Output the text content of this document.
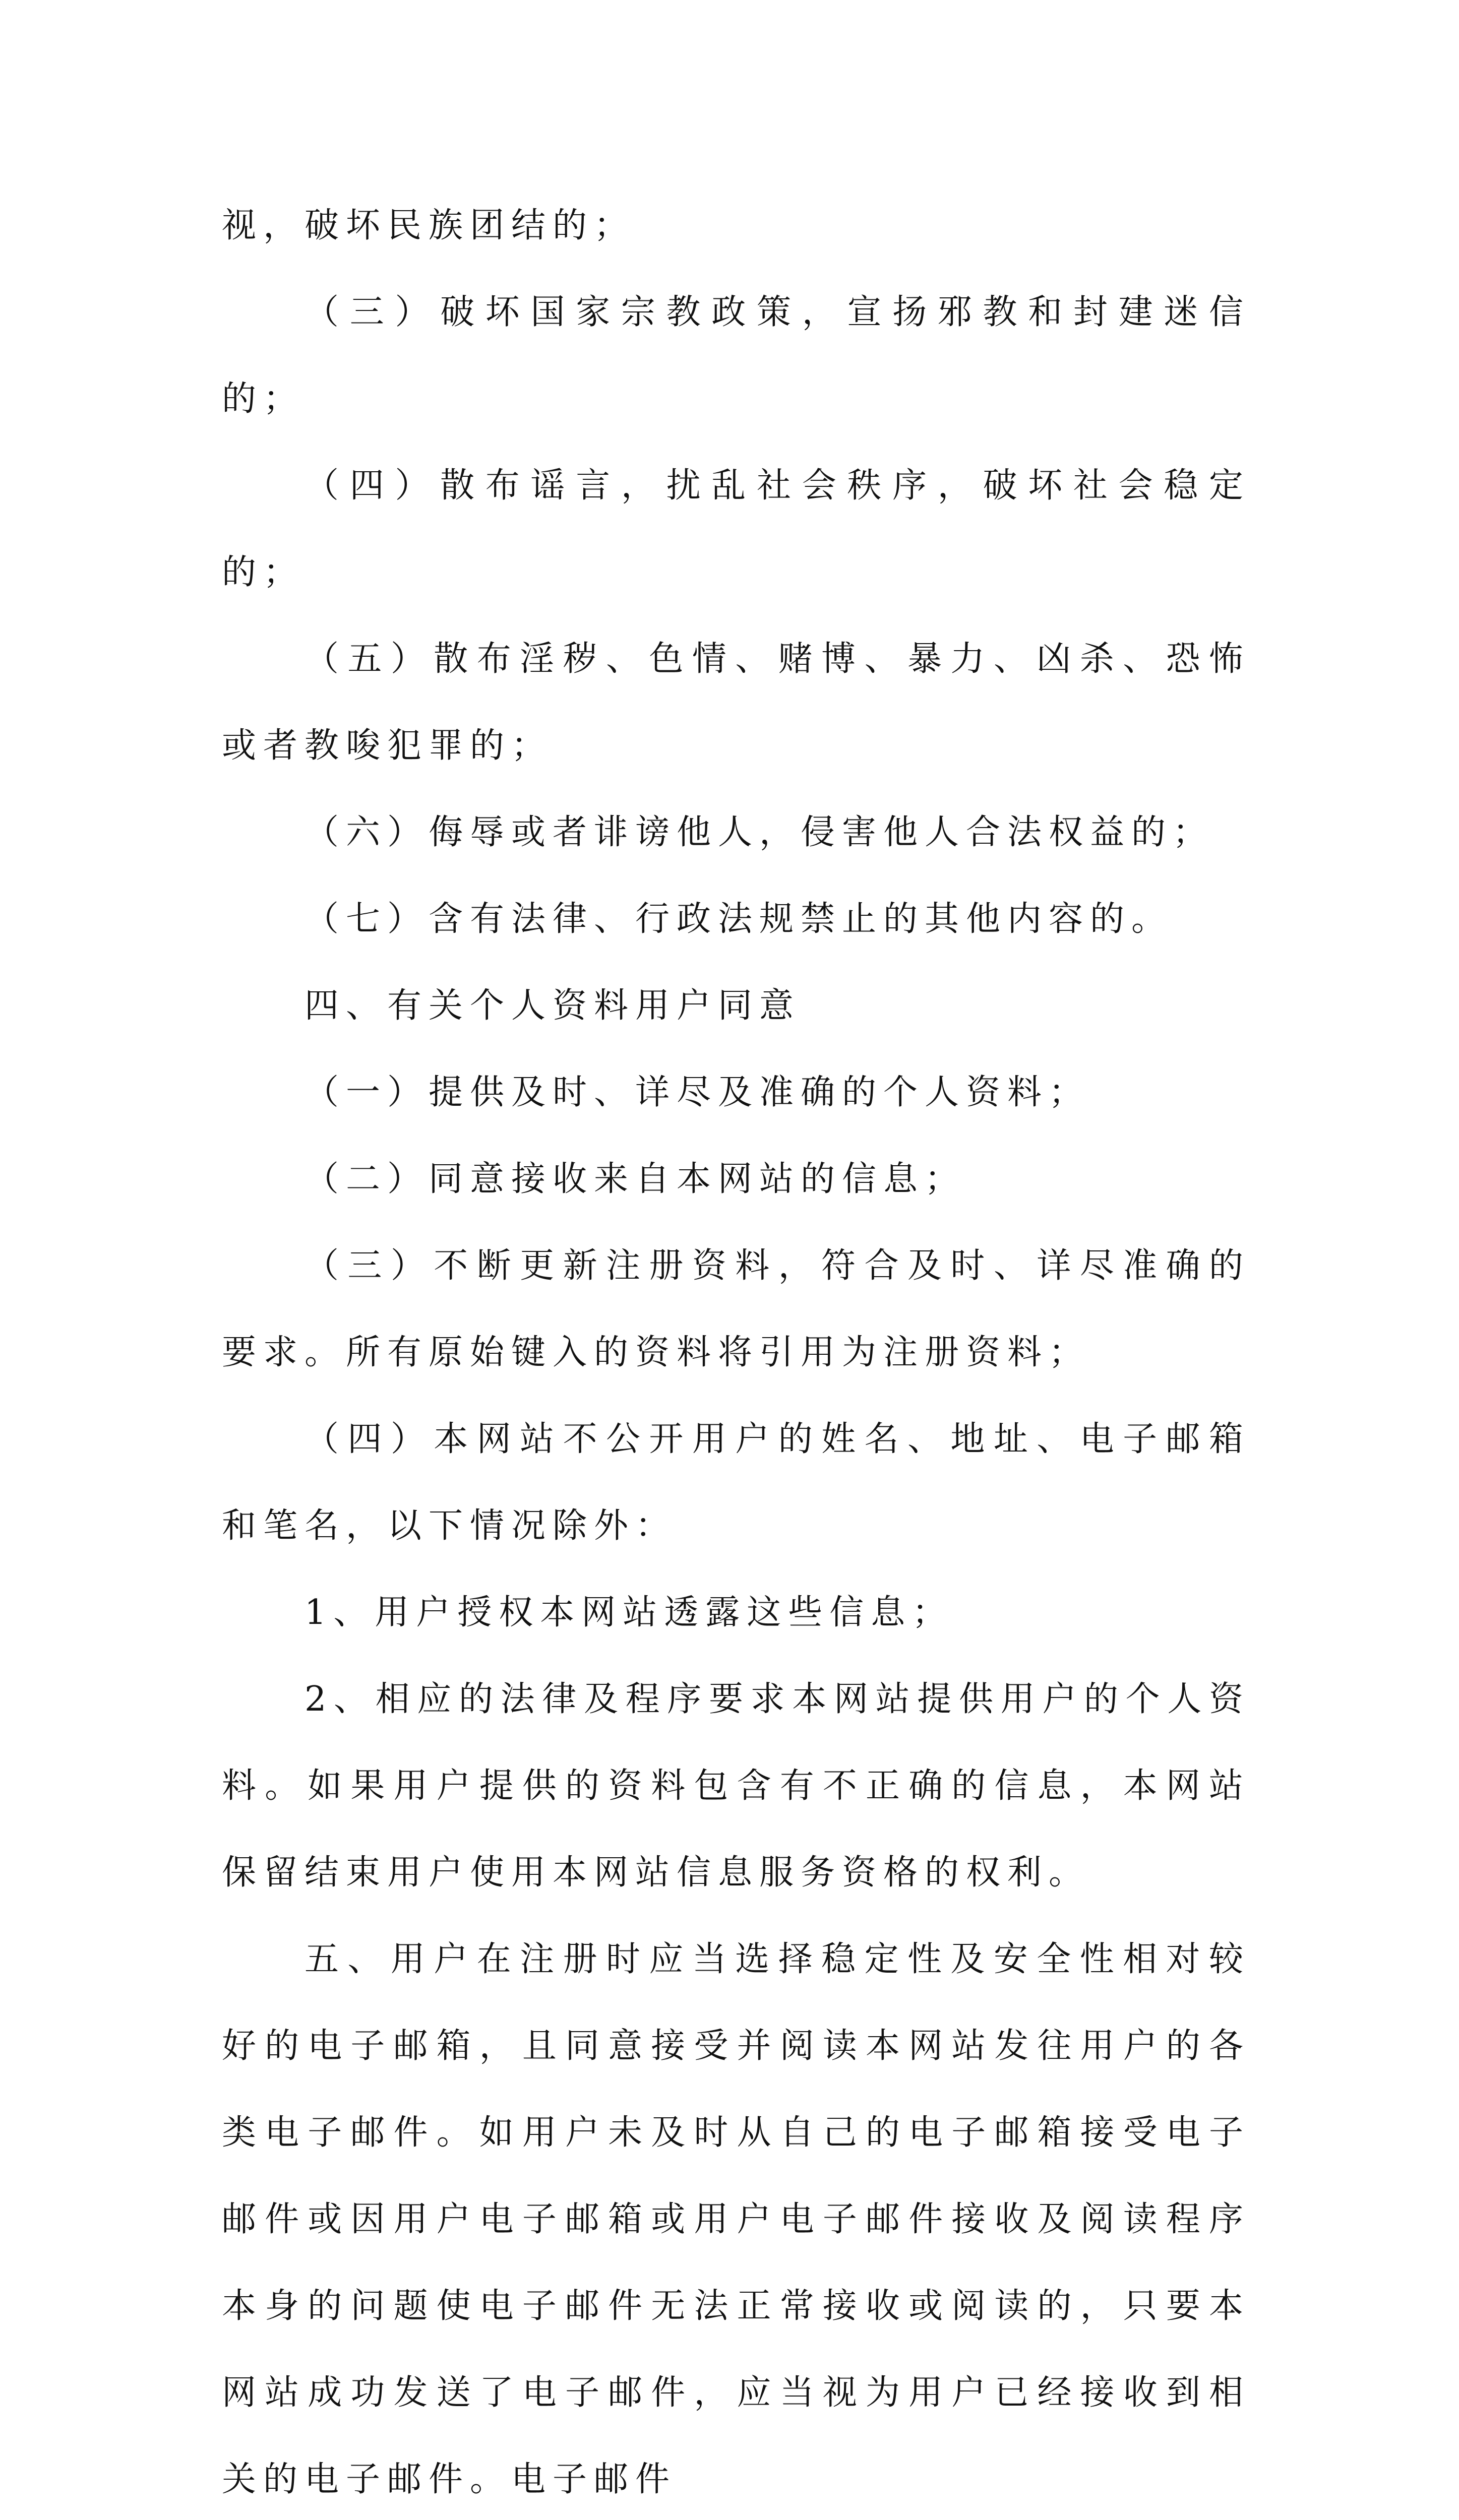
视，破坏民族团结的；

（三）破坏国家宗教政策，宣扬邪教和封建迷信的；

（四）散布谣言，扰乱社会秩序，破坏社会稳定的；

（五）散布淫秽、色情、赌博、暴力、凶杀、恐怖或者教唆犯罪的；

（六）侮辱或者诽谤他人，侵害他人合法权益的；

（七）含有法律、行政法规禁止的其他内容的。

四、有关个人资料用户同意

（一）提供及时、详尽及准确的个人资料；

（二）同意接收来自本网站的信息；

（三）不断更新注册资料，符合及时、详尽准确的要求。所有原始键入的资料将引用为注册资料；

（四）本网站不公开用户的姓名、地址、电子邮箱和笔名，以下情况除外：

1、用户授权本网站透露这些信息；

2、相应的法律及程序要求本网站提供用户的个人资料。如果用户提供的资料包含有不正确的信息，本网站保留结束用户使用本网站信息服务资格的权利。

五、用户在注册时应当选择稳定性及安全性相对较好的电子邮箱，且同意接受并阅读本网站发往用户的各类电子邮件。如用户未及时从自己的电子邮箱接受电子邮件或因用户电子邮箱或用户电子邮件接收及阅读程序本身的问题使电子邮件无法正常接收或阅读的，只要本网站成功发送了电子邮件，应当视为用户已经接收到相关的电子邮件。电子邮件
